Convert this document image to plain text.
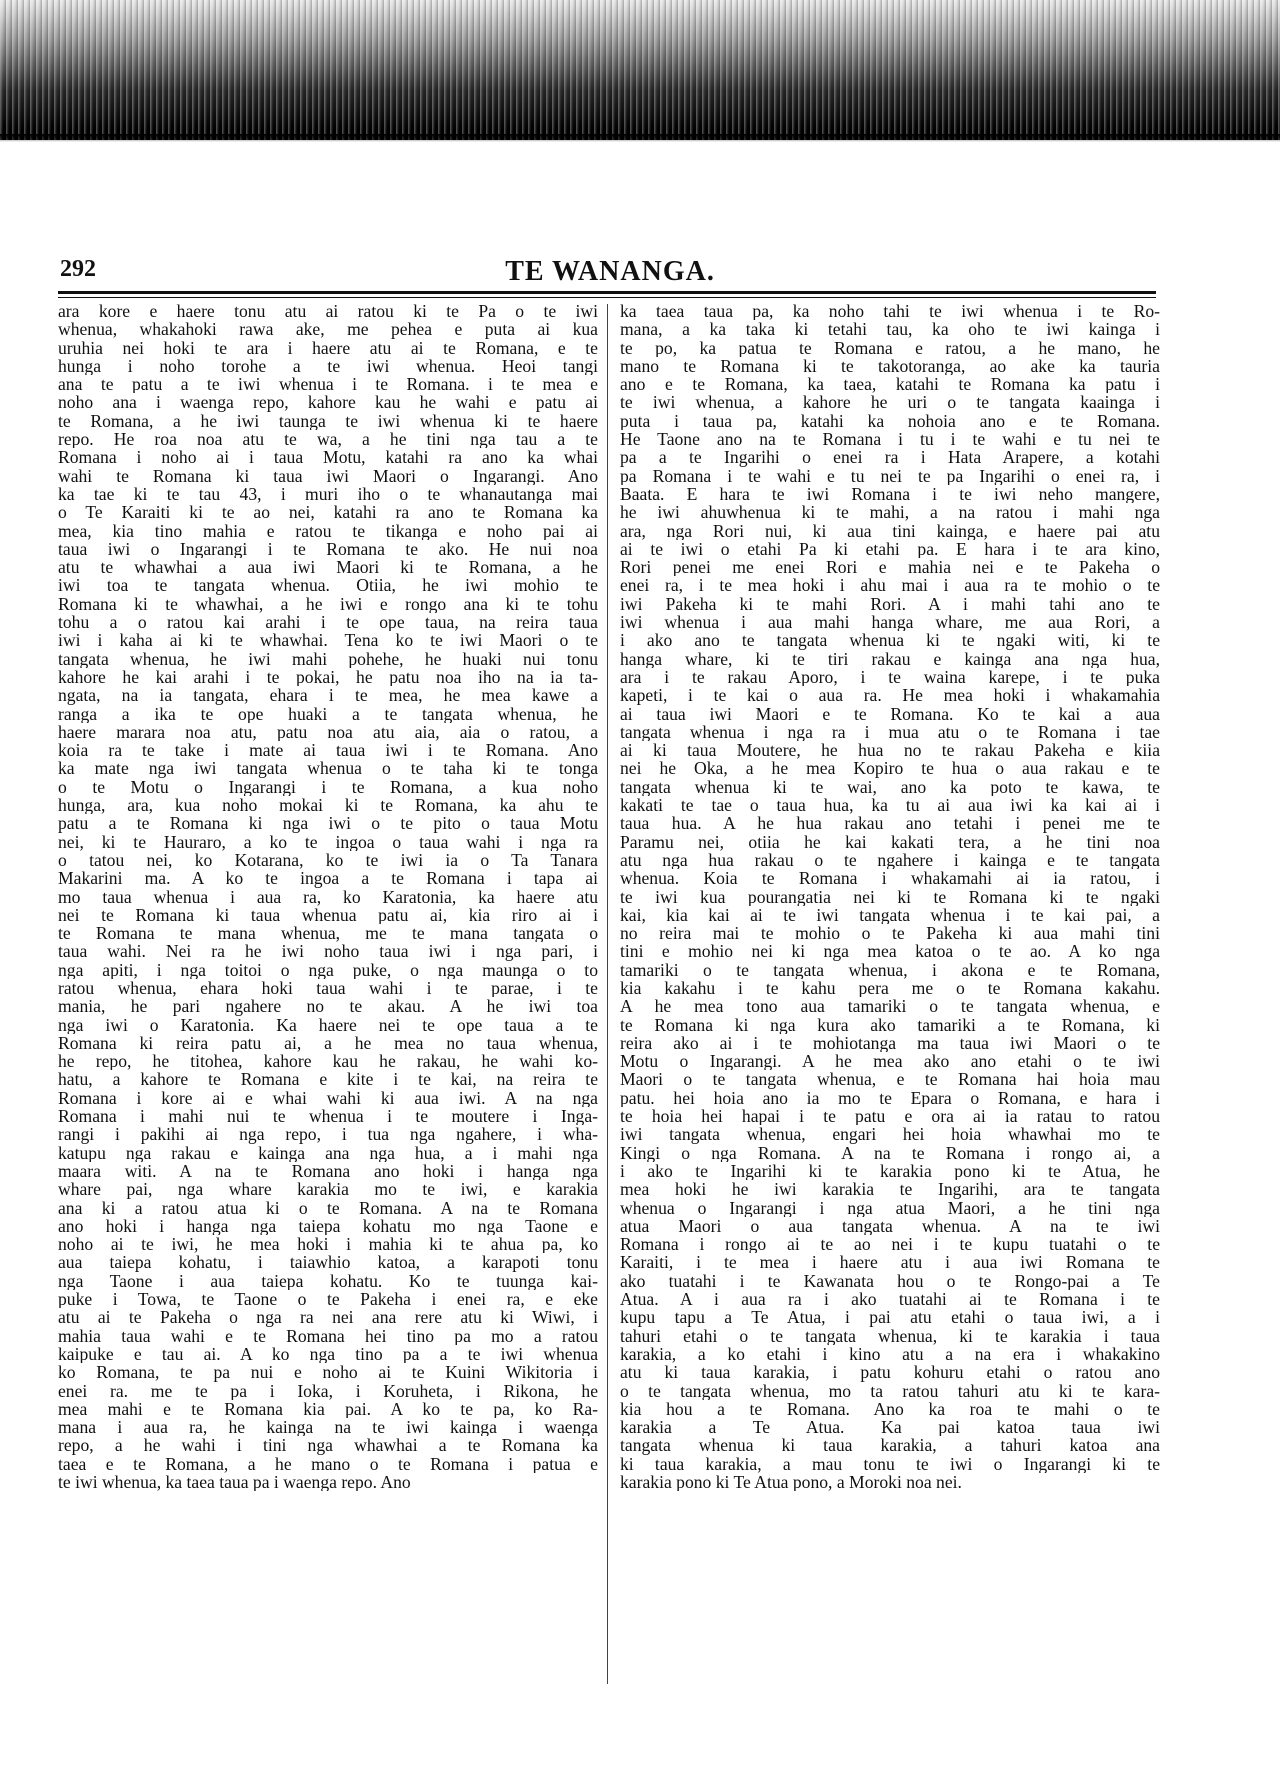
292	TE WANANGA.
ara kore e haere tonu atu ai ratou ki te Pa o te iwi
whenua, whakahoki rawa ake, me pehea e puta ai kua
uruhia nei hoki te ara i haere atu ai te Romana, e te
hunga i noho torohe a te iwi whenua. Heoi tangi
ana te patu a te iwi whenua i te Romana. i te mea e
noho ana i waenga repo, kahore kau he wahi e patu ai
te Romana, a he iwi taunga te iwi whenua ki te haere
repo. He roa noa atu te wa, a he tini nga tau a te
Romana i noho ai i taua Motu, katahi ra ano ka whai
wahi te Romana ki taua iwi Maori o Ingarangi. Ano
ka tae ki te tau 43, i muri iho o te whanautanga mai
o Te Karaiti ki te ao nei, katahi ra ano te Romana ka
mea, kia tino mahia e ratou te tikanga e noho pai ai
taua iwi o Ingarangi i te Romana te ako. He nui noa
atu te whawhai a aua iwi Maori ki te Romana, a he
iwi toa te tangata whenua. Otiia, he iwi mohio te
Romana ki te whawhai, a he iwi e rongo ana ki te tohu
tohu a o ratou kai arahi i te ope taua, na reira taua
iwi i kaha ai ki te whawhai. Tena ko te iwi Maori o te
tangata whenua, he iwi mahi pohehe, he huaki nui tonu
kahore he kai arahi i te pokai, he patu noa iho na ia ta-
ngata, na ia tangata, ehara i te mea, he mea kawe a
ranga a ika te ope huaki a te tangata whenua, he
haere marara noa atu, patu noa atu aia, aia o ratou, a
koia ra te take i mate ai taua iwi i te Romana. Ano
ka mate nga iwi tangata whenua o te taha ki te tonga
o te Motu o Ingarangi i te Romana, a kua noho
hunga, ara, kua noho mokai ki te Romana, ka ahu te
patu a te Romana ki nga iwi o te pito o taua Motu
nei, ki te Hauraro, a ko te ingoa o taua wahi i nga ra
o tatou nei, ko Kotarana, ko te iwi ia o Ta Tanara
Makarini ma. A ko te ingoa a te Romana i tapa ai
mo taua whenua i aua ra, ko Karatonia, ka haere atu
nei te Romana ki taua whenua patu ai, kia riro ai i
te Romana te mana whenua, me te mana tangata o
taua wahi. Nei ra he iwi noho taua iwi i nga pari, i
nga apiti, i nga toitoi o nga puke, o nga maunga o to
ratou whenua, ehara hoki taua wahi i te parae, i te
mania, he pari ngahere no te akau. A he iwi toa
nga iwi o Karatonia. Ka haere nei te ope taua a te
Romana ki reira patu ai, a he mea no taua whenua,
he repo, he titohea, kahore kau he rakau, he wahi ko-
hatu, a kahore te Romana e kite i te kai, na reira te
Romana i kore ai e whai wahi ki aua iwi. A na nga
Romana i mahi nui te whenua i te moutere i Inga-
rangi i pakihi ai nga repo, i tua nga ngahere, i wha-
katupu nga rakau e kainga ana nga hua, a i mahi nga
maara witi. A na te Romana ano hoki i hanga nga
whare pai, nga whare karakia mo te iwi, e karakia
ana ki a ratou atua ki o te Romana. A na te Romana
ano hoki i hanga nga taiepa kohatu mo nga Taone e
noho ai te iwi, he mea hoki i mahia ki te ahua pa, ko
aua taiepa kohatu, i taiawhio katoa, a karapoti tonu
nga Taone i aua taiepa kohatu. Ko te tuunga kai-
puke i Towa, te Taone o te Pakeha i enei ra, e eke
atu ai te Pakeha o nga ra nei ana rere atu ki Wiwi, i
mahia taua wahi e te Romana hei tino pa mo a ratou
kaipuke e tau ai. A ko nga tino pa a te iwi whenua
ko Romana, te pa nui e noho ai te Kuini Wikitoria i
enei ra. me te pa i Ioka, i Koruheta, i Rikona, he
mea mahi e te Romana kia pai. A ko te pa, ko Ra-
mana i aua ra, he kainga na te iwi kainga i waenga
repo, a he wahi i tini nga whawhai a te Romana ka
taea e te Romana, a he mano o te Romana i patua e
te iwi whenua, ka taea taua pa i waenga repo. Ano
ka taea taua pa, ka noho tahi te iwi whenua i te Ro-
mana, a ka taka ki tetahi tau, ka oho te iwi kainga i
te po, ka patua te Romana e ratou, a he mano, he
mano te Romana ki te takotoranga, ao ake ka tauria
ano e te Romana, ka taea, katahi te Romana ka patu i
te iwi whenua, a kahore he uri o te tangata kaainga i
puta i taua pa, katahi ka nohoia ano e te Romana.
He Taone ano na te Romana i tu i te wahi e tu nei te
pa a te Ingarihi o enei ra i Hata Arapere, a kotahi
pa Romana i te wahi e tu nei te pa Ingarihi o enei ra, i
Baata. E hara te iwi Romana i te iwi neho mangere,
he iwi ahuwhenua ki te mahi, a na ratou i mahi nga
ara, nga Rori nui, ki aua tini kainga, e haere pai atu
ai te iwi o etahi Pa ki etahi pa. E hara i te ara kino,
Rori penei me enei Rori e mahia nei e te Pakeha o
enei ra, i te mea hoki i ahu mai i aua ra te mohio o te
iwi Pakeha ki te mahi Rori. A i mahi tahi ano te
iwi whenua i aua mahi hanga whare, me aua Rori, a
i ako ano te tangata whenua ki te ngaki witi, ki te
hanga whare, ki te tiri rakau e kainga ana nga hua,
ara i te rakau Aporo, i te waina karepe, i te puka
kapeti, i te kai o aua ra. He mea hoki i whakamahia
ai taua iwi Maori e te Romana. Ko te kai a aua
tangata whenua i nga ra i mua atu o te Romana i tae
ai ki taua Moutere, he hua no te rakau Pakeha e kiia
nei he Oka, a he mea Kopiro te hua o aua rakau e te
tangata whenua ki te wai, ano ka poto te kawa, te
kakati te tae o taua hua, ka tu ai aua iwi ka kai ai i
taua hua. A he hua rakau ano tetahi i penei me te
Paramu nei, otiia he kai kakati tera, a he tini noa
atu nga hua rakau o te ngahere i kainga e te tangata
whenua. Koia te Romana i whakamahi ai ia ratou, i
te iwi kua pourangatia nei ki te Romana ki te ngaki
kai, kia kai ai te iwi tangata whenua i te kai pai, a
no reira mai te mohio o te Pakeha ki aua mahi tini
tini e mohio nei ki nga mea katoa o te ao. A ko nga
tamariki o te tangata whenua, i akona e te Romana,
kia kakahu i te kahu pera me o te Romana kakahu.
A he mea tono aua tamariki o te tangata whenua, e
te Romana ki nga kura ako tamariki a te Romana, ki
reira ako ai i te mohiotanga ma taua iwi Maori o te
Motu o Ingarangi. A he mea ako ano etahi o te iwi
Maori o te tangata whenua, e te Romana hai hoia mau
patu. hei hoia ano ia mo te Epara o Romana, e hara i
te hoia hei hapai i te patu e ora ai ia ratau to ratou
iwi tangata whenua, engari hei hoia whawhai mo te
Kingi o nga Romana. A na te Romana i rongo ai, a
i ako te Ingarihi ki te karakia pono ki te Atua, he
mea hoki he iwi karakia te Ingarihi, ara te tangata
whenua o Ingarangi i nga atua Maori, a he tini nga
atua Maori o aua tangata whenua. A na te iwi
Romana i rongo ai te ao nei i te kupu tuatahi o te
Karaiti, i te mea i haere atu i aua iwi Romana te
ako tuatahi i te Kawanata hou o te Rongo-pai a Te
Atua. A i aua ra i ako tuatahi ai te Romana i te
kupu tapu a Te Atua, i pai atu etahi o taua iwi, a i
tahuri etahi o te tangata whenua, ki te karakia i taua
karakia, a ko etahi i kino atu a na era i whakakino
atu ki taua karakia, i patu kohuru etahi o ratou ano
o te tangata whenua, mo ta ratou tahuri atu ki te kara-
kia hou a te Romana. Ano ka roa te mahi o te
karakia a Te Atua. Ka pai katoa taua iwi
tangata whenua ki taua karakia, a tahuri katoa ana
ki taua karakia, a mau tonu te iwi o Ingarangi ki te
karakia pono ki Te Atua pono, a Moroki noa nei.
